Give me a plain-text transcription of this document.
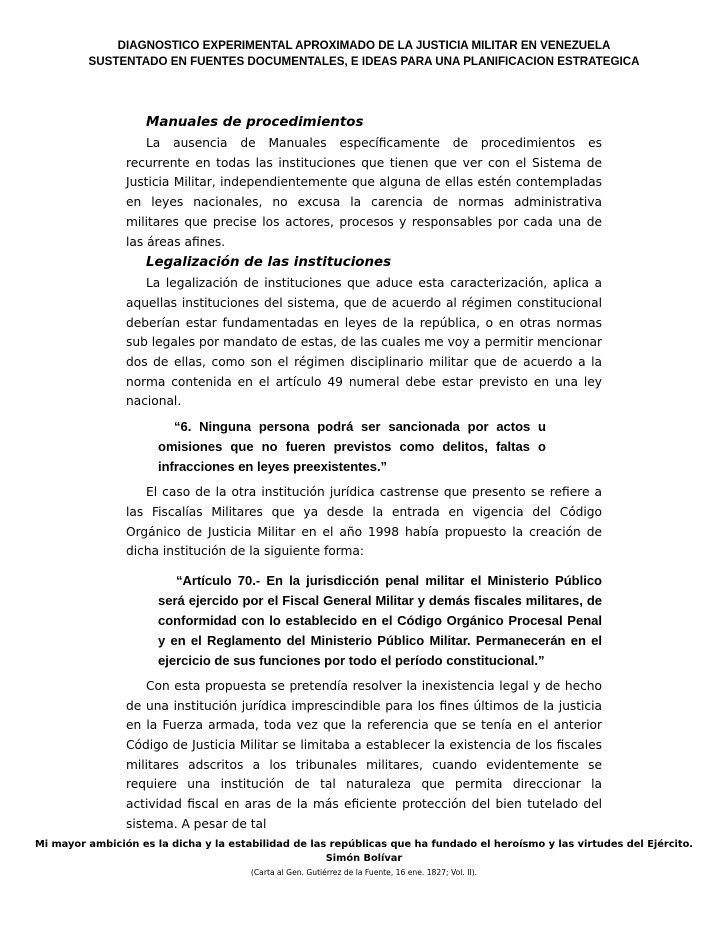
DIAGNOSTICO EXPERIMENTAL APROXIMADO DE LA JUSTICIA MILITAR EN VENEZUELA
SUSTENTADO EN FUENTES DOCUMENTALES, E IDEAS PARA UNA PLANIFICACION ESTRATEGICA
Manuales de procedimientos

La ausencia de Manuales específicamente de procedimientos es recurrente en todas las instituciones que tienen que ver con el Sistema de Justicia Militar, independientemente que alguna de ellas estén contempladas en leyes nacionales, no excusa la carencia de normas administrativa militares que precise los actores, procesos y responsables por cada una de las áreas afines.

Legalización de las instituciones

La legalización de instituciones que aduce esta caracterización, aplica a aquellas instituciones del sistema, que de acuerdo al régimen constitucional deberían estar fundamentadas en leyes de la república, o en otras normas sub legales por mandato de estas, de las cuales me voy a permitir mencionar dos de ellas, como son el régimen disciplinario militar que de acuerdo a la norma contenida en el artículo 49 numeral debe estar previsto en una ley nacional.

“6. Ninguna persona podrá ser sancionada por actos u omisiones que no fueren previstos como delitos, faltas o infracciones en leyes preexistentes.”

El caso de la otra institución jurídica castrense que presento se refiere a las Fiscalías Militares que ya desde la entrada en vigencia del Código Orgánico de Justicia Militar en el año 1998 había propuesto la creación de dicha institución de la siguiente forma:

“Artículo 70.- En la jurisdicción penal militar el Ministerio Público será ejercido por el Fiscal General Militar y demás fiscales militares, de conformidad con lo establecido en el Código Orgánico Procesal Penal y en el Reglamento del Ministerio Público Militar. Permanecerán en el ejercicio de sus funciones por todo el período constitucional.”

Con esta propuesta se pretendía resolver la inexistencia legal y de hecho de una institución jurídica imprescindible para los fines últimos de la justicia en la Fuerza armada, toda vez que la referencia que se tenía en el anterior Código de Justicia Militar se limitaba a establecer la existencia de los fiscales militares adscritos a los tribunales militares, cuando evidentemente se requiere una institución de tal naturaleza que permita direccionar la actividad fiscal en aras de la más eficiente protección del bien tutelado del sistema. A pesar de tal

Mi mayor ambición es la dicha y la estabilidad de las repúblicas que ha fundado el heroísmo y las virtudes del Ejército.
Simón Bolívar
(Carta al Gen. Gutiérrez de la Fuente, 16 ene. 1827; Vol. II).
